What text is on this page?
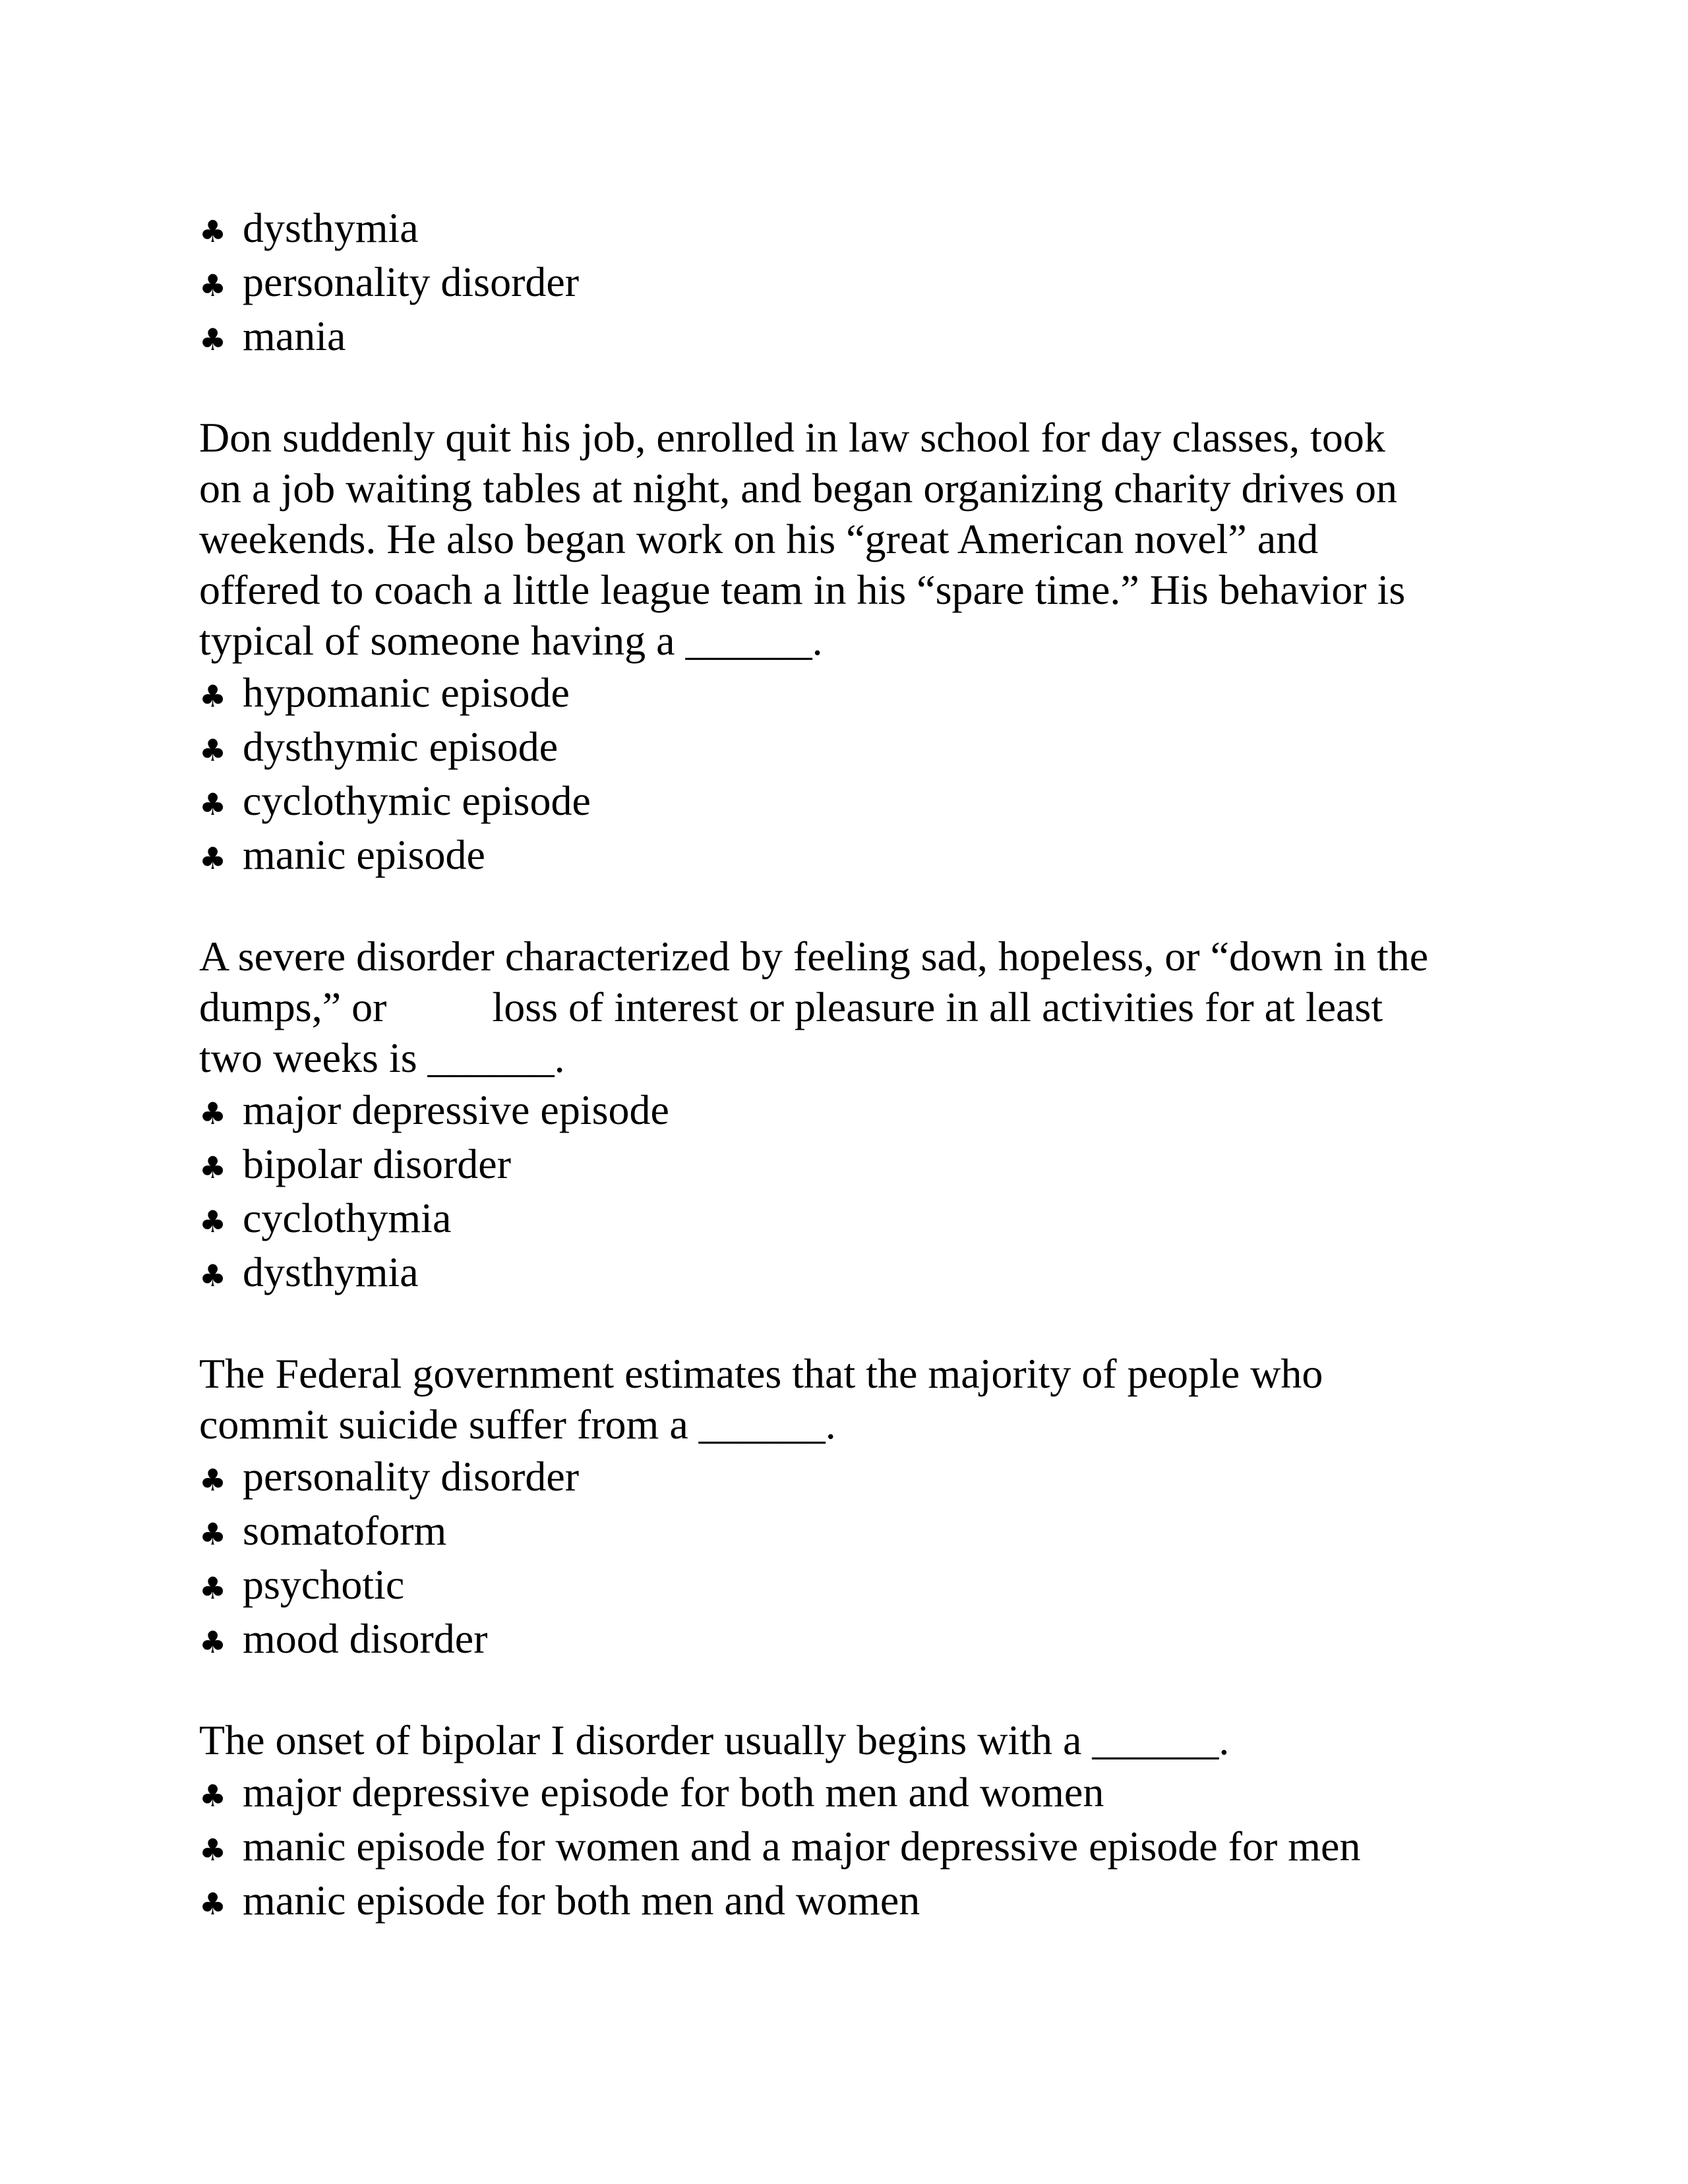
♣ dysthymia
♣ personality disorder
♣ mania

Don suddenly quit his job, enrolled in law school for day classes, took
on a job waiting tables at night, and began organizing charity drives on
weekends. He also began work on his “great American novel” and
offered to coach a little league team in his “spare time.” His behavior is
typical of someone having a ______.

♣ hypomanic episode
♣ dysthymic episode
♣ cyclothymic episode
♣ manic episode

A severe disorder characterized by feeling sad, hopeless, or “down in the
dumps,” or          loss of interest or pleasure in all activities for at least
two weeks is ______.

♣ major depressive episode
♣ bipolar disorder
♣ cyclothymia
♣ dysthymia

The Federal government estimates that the majority of people who
commit suicide suffer from a ______.

♣ personality disorder
♣ somatoform
♣ psychotic
♣ mood disorder

The onset of bipolar I disorder usually begins with a ______.

♣ major depressive episode for both men and women
♣ manic episode for women and a major depressive episode for men
♣ manic episode for both men and women
